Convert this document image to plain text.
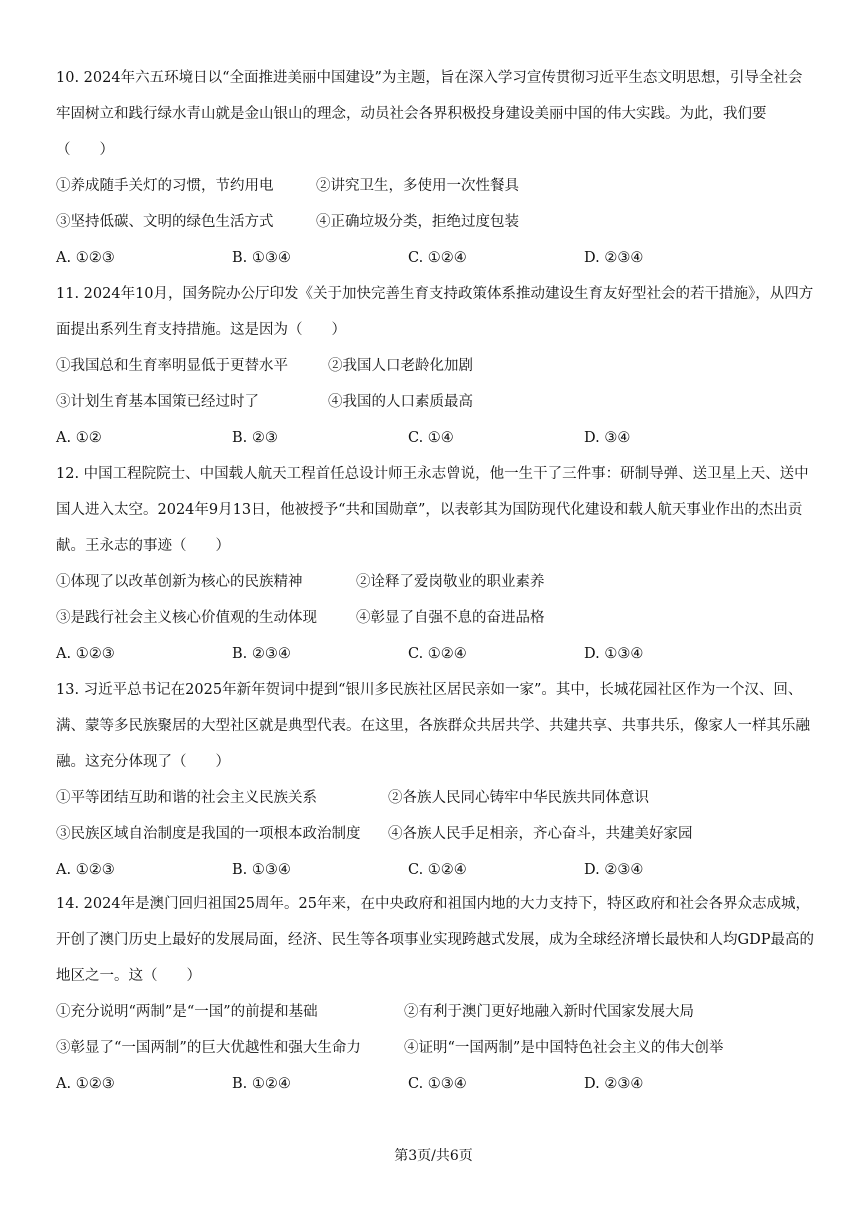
10. 2024年六五环境日以“全面推进美丽中国建设”为主题，旨在深入学习宣传贯彻习近平生态文明思想，引导全社会牢固树立和践行绿水青山就是金山银山的理念，动员社会各界积极投身建设美丽中国的伟大实践。为此，我们要（　　）

①养成随手关灯的习惯，节约用电	②讲究卫生，多使用一次性餐具
③坚持低碳、文明的绿色生活方式	④正确垃圾分类，拒绝过度包装
A. ①②③	B. ①③④	C. ①②④	D. ②③④

11. 2024年10月，国务院办公厅印发《关于加快完善生育支持政策体系推动建设生育友好型社会的若干措施》，从四方面提出系列生育支持措施。这是因为（　　）

①我国总和生育率明显低于更替水平	②我国人口老龄化加剧
③计划生育基本国策已经过时了	④我国的人口素质最高
A. ①②	B. ②③	C. ①④	D. ③④

12. 中国工程院院士、中国载人航天工程首任总设计师王永志曾说，他一生干了三件事：研制导弹、送卫星上天、送中国人进入太空。2024年9月13日，他被授予“共和国勋章”，以表彰其为国防现代化建设和载人航天事业作出的杰出贡献。王永志的事迹（　　）

①体现了以改革创新为核心的民族精神	②诠释了爱岗敬业的职业素养
③是践行社会主义核心价值观的生动体现	④彰显了自强不息的奋进品格
A. ①②③	B. ②③④	C. ①②④	D. ①③④

13. 习近平总书记在2025年新年贺词中提到“银川多民族社区居民亲如一家”。其中，长城花园社区作为一个汉、回、满、蒙等多民族聚居的大型社区就是典型代表。在这里，各族群众共居共学、共建共享、共事共乐，像家人一样其乐融融。这充分体现了（　　）

①平等团结互助和谐的社会主义民族关系	②各族人民同心铸牢中华民族共同体意识
③民族区域自治制度是我国的一项根本政治制度 ④各族人民手足相亲，齐心奋斗，共建美好家园
A. ①②③	B. ①③④	C. ①②④	D. ②③④

14. 2024年是澳门回归祖国25周年。25年来，在中央政府和祖国内地的大力支持下，特区政府和社会各界众志成城，开创了澳门历史上最好的发展局面，经济、民生等各项事业实现跨越式发展，成为全球经济增长最快和人均GDP最高的地区之一。这（　　）

①充分说明“两制”是“一国”的前提和基础	②有利于澳门更好地融入新时代国家发展大局
③彰显了“一国两制”的巨大优越性和强大生命力	④证明“一国两制”是中国特色社会主义的伟大创举
A. ①②③	B. ①②④	C. ①③④	D. ②③④
第3页/共6页
